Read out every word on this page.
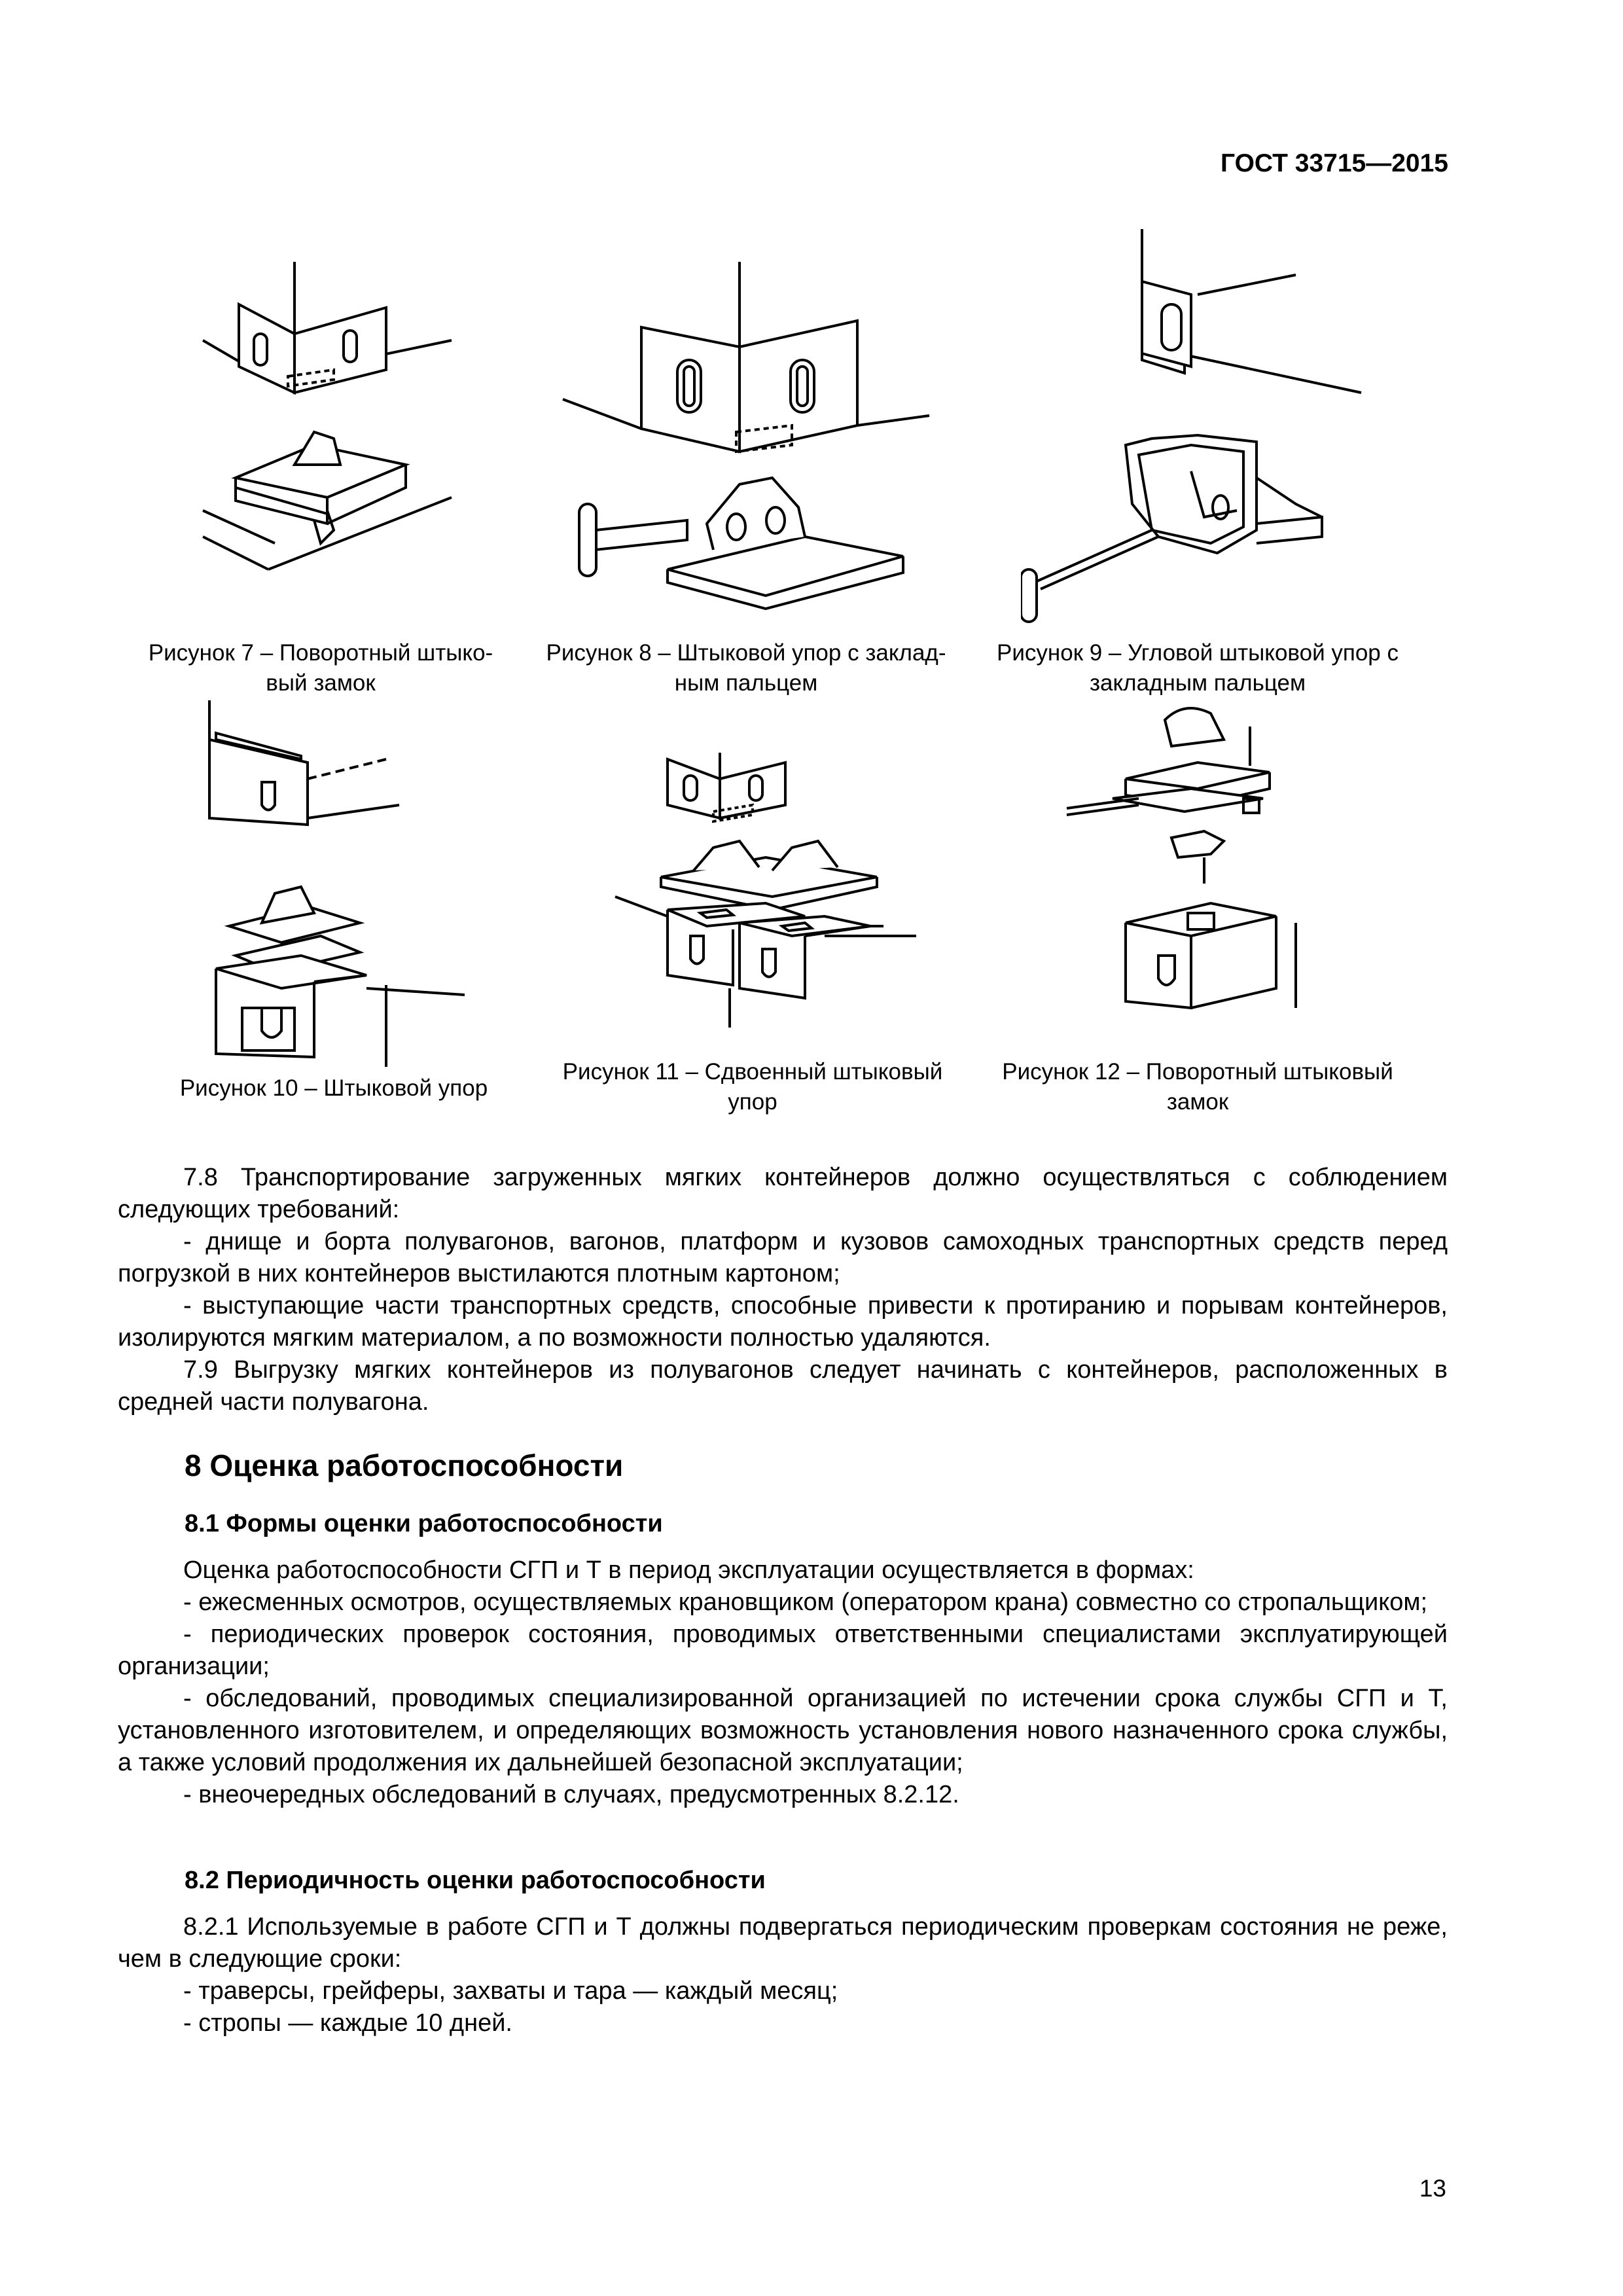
ГОСТ 33715—2015
Рисунок 7 – Поворотный штыко-
вый замок
Рисунок 8 – Штыковой упор с заклад-
ным пальцем
Рисунок 9 – Угловой штыковой упор с
закладным пальцем
Рисунок 10 – Штыковой упор
Рисунок 11 – Сдвоенный штыковый
упор
Рисунок 12 – Поворотный штыковый
замок

7.8 Транспортирование загруженных мягких контейнеров должно осуществляться с соблюдением следующих требований:

- днище и борта полувагонов, вагонов, платформ и кузовов самоходных транспортных средств перед погрузкой в них контейнеров выстилаются плотным картоном;

- выступающие части транспортных средств, способные привести к протиранию и порывам контейнеров, изолируются мягким материалом, а по возможности полностью удаляются.

7.9 Выгрузку мягких контейнеров из полувагонов следует начинать с контейнеров, расположенных в средней части полувагона.

8 Оценка работоспособности
8.1 Формы оценки работоспособности

Оценка работоспособности СГП и Т в период эксплуатации осуществляется в формах:

- ежесменных осмотров, осуществляемых крановщиком (оператором крана) совместно со стропальщиком;

- периодических проверок состояния, проводимых ответственными специалистами эксплуатирующей организации;

- обследований, проводимых специализированной организацией по истечении срока службы СГП и Т, установленного изготовителем, и определяющих возможность установления нового назначенного срока службы, а также условий продолжения их дальнейшей безопасной эксплуатации;

- внеочередных обследований в случаях, предусмотренных 8.2.12.

8.2 Периодичность оценки работоспособности

8.2.1 Используемые в работе СГП и Т должны подвергаться периодическим проверкам состояния не реже, чем в следующие сроки:

- траверсы, грейферы, захваты и тара — каждый месяц;

- стропы — каждые 10 дней.

13
